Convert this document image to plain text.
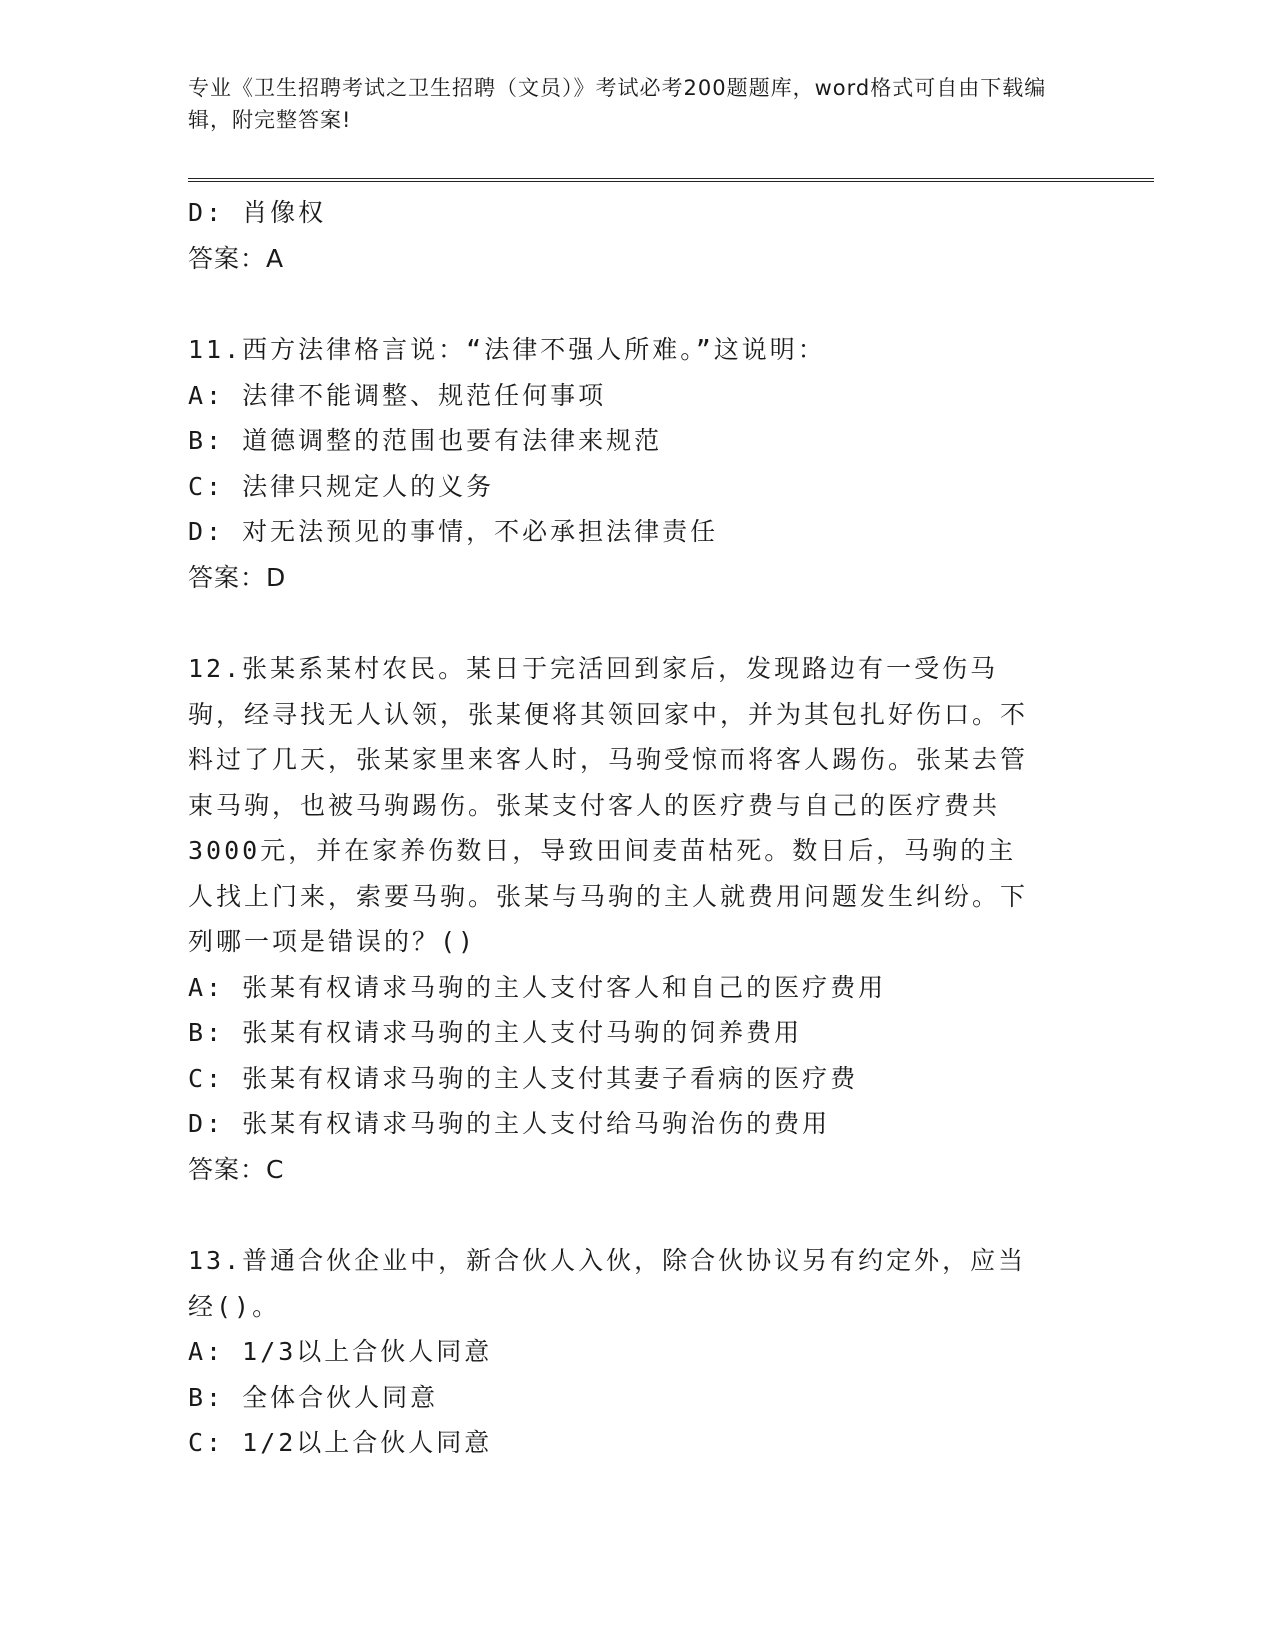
专业《卫生招聘考试之卫生招聘（文员）》考试必考200题题库，word格式可自由下载编辑，附完整答案!
D: 肖像权
答案：A
11.西方法律格言说：“法律不强人所难。”这说明：
A: 法律不能调整、规范任何事项
B: 道德调整的范围也要有法律来规范
C: 法律只规定人的义务
D: 对无法预见的事情，不必承担法律责任
答案：D
12.张某系某村农民。某日于完活回到家后，发现路边有一受伤马驹，经寻找无人认领，张某便将其领回家中，并为其包扎好伤口。不料过了几天，张某家里来客人时，马驹受惊而将客人踢伤。张某去管束马驹，也被马驹踢伤。张某支付客人的医疗费与自己的医疗费共3000元，并在家养伤数日，导致田间麦苗枯死。数日后，马驹的主人找上门来，索要马驹。张某与马驹的主人就费用问题发生纠纷。下列哪一项是错误的？()
A: 张某有权请求马驹的主人支付客人和自己的医疗费用
B: 张某有权请求马驹的主人支付马驹的饲养费用
C: 张某有权请求马驹的主人支付其妻子看病的医疗费
D: 张某有权请求马驹的主人支付给马驹治伤的费用
答案：C
13.普通合伙企业中，新合伙人入伙，除合伙协议另有约定外，应当经()。
A: 1/3以上合伙人同意
B: 全体合伙人同意
C: 1/2以上合伙人同意
